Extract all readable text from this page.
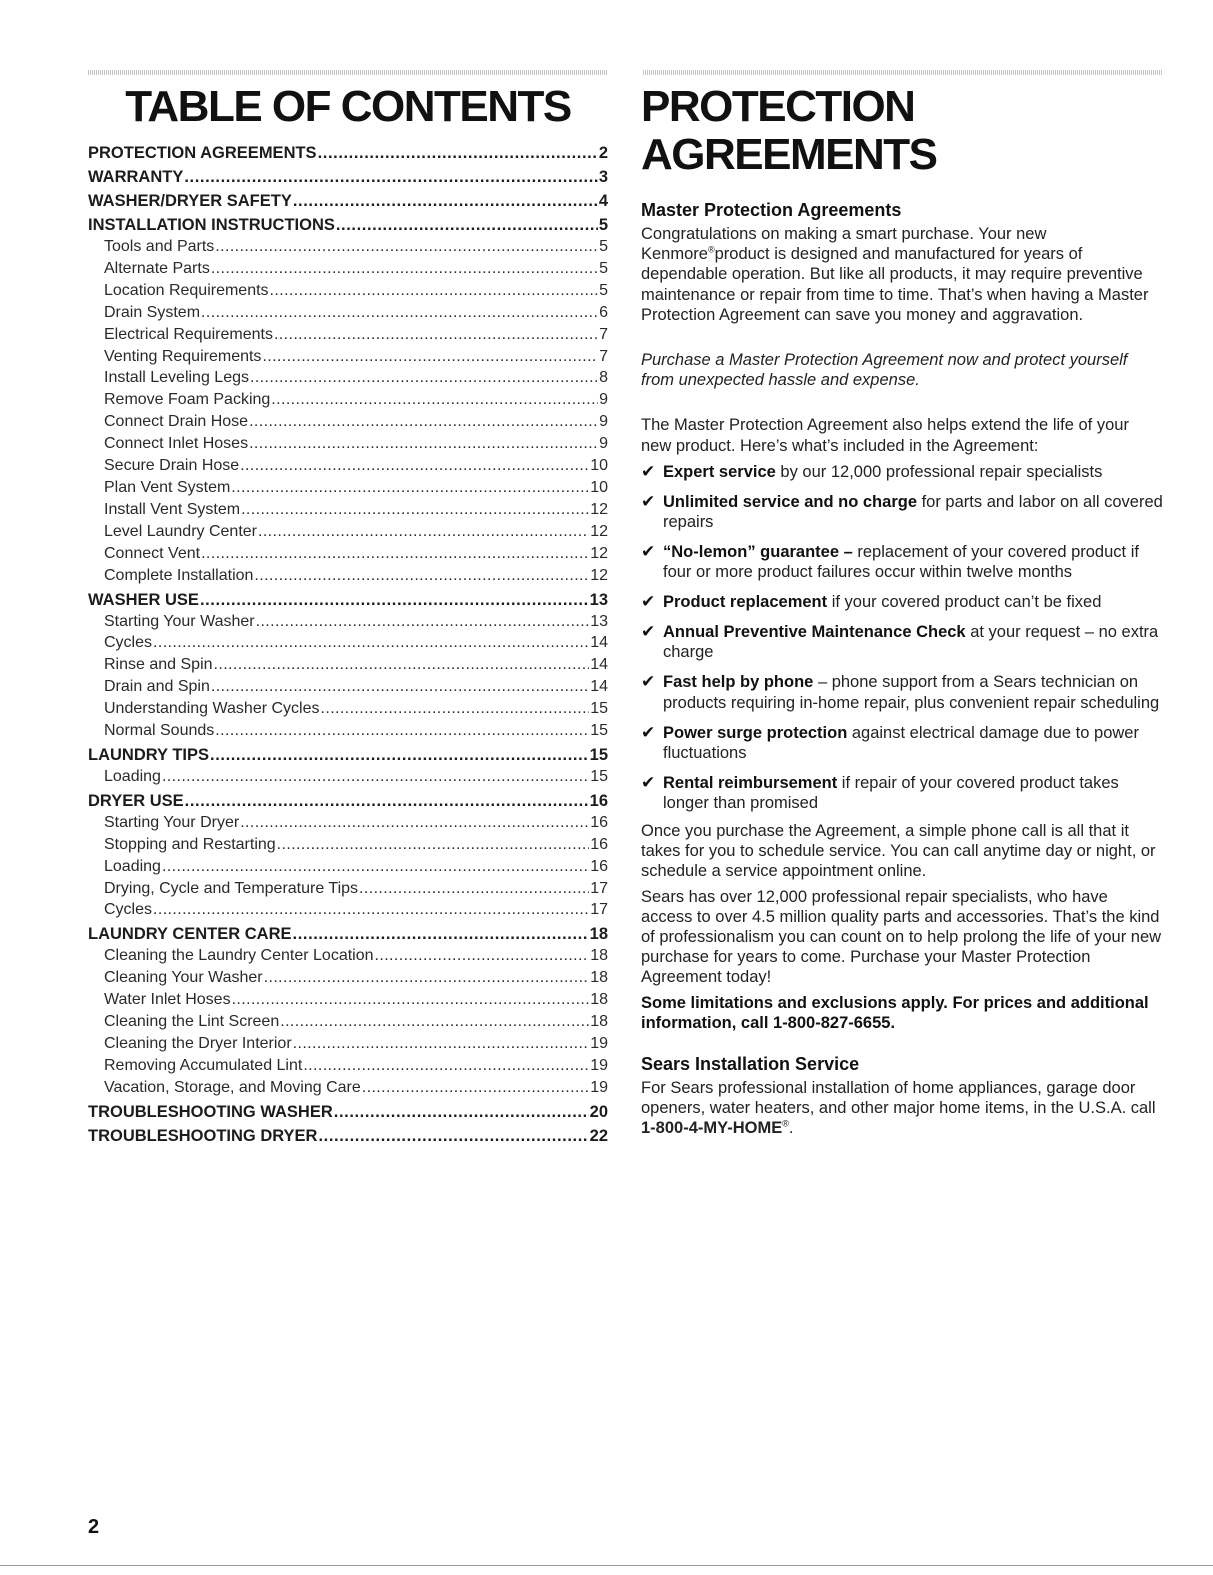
TABLE OF CONTENTS
PROTECTION AGREEMENTS .....	2
WARRANTY .....	3
WASHER/DRYER SAFETY .....	4
INSTALLATION INSTRUCTIONS .....	5
Tools and Parts .....	5
Alternate Parts .....	5
Location Requirements .....	5
Drain System .....	6
Electrical Requirements .....	7
Venting Requirements .....	7
Install Leveling Legs .....	8
Remove Foam Packing .....	9
Connect Drain Hose .....	9
Connect Inlet Hoses .....	9
Secure Drain Hose .....	10
Plan Vent System .....	10
Install Vent System .....	12
Level Laundry Center .....	12
Connect Vent .....	12
Complete Installation .....	12
WASHER USE .....	13
Starting Your Washer .....	13
Cycles .....	14
Rinse and Spin .....	14
Drain and Spin .....	14
Understanding Washer Cycles .....	15
Normal Sounds .....	15
LAUNDRY TIPS .....	15
Loading .....	15
DRYER USE .....	16
Starting Your Dryer .....	16
Stopping and Restarting .....	16
Loading .....	16
Drying, Cycle and Temperature Tips .....	17
Cycles .....	17
LAUNDRY CENTER CARE .....	18
Cleaning the Laundry Center Location .....	18
Cleaning Your Washer .....	18
Water Inlet Hoses .....	18
Cleaning the Lint Screen .....	18
Cleaning the Dryer Interior .....	19
Removing Accumulated Lint .....	19
Vacation, Storage, and Moving Care .....	19
TROUBLESHOOTING WASHER .....	20
TROUBLESHOOTING DRYER .....	22
PROTECTION AGREEMENTS
Master Protection Agreements

Congratulations on making a smart purchase. Your new Kenmore®product is designed and manufactured for years of dependable operation. But like all products, it may require preventive maintenance or repair from time to time. That’s when having a Master Protection Agreement can save you money and aggravation.

Purchase a Master Protection Agreement now and protect yourself from unexpected hassle and expense.

The Master Protection Agreement also helps extend the life of your new product. Here’s what’s included in the Agreement:

✔ Expert service by our 12,000 professional repair specialists
✔ Unlimited service and no charge for parts and labor on all covered repairs
✔ “No-lemon” guarantee – replacement of your covered product if four or more product failures occur within twelve months
✔ Product replacement if your covered product can’t be fixed
✔ Annual Preventive Maintenance Check at your request – no extra charge
✔ Fast help by phone – phone support from a Sears technician on products requiring in-home repair, plus convenient repair scheduling
✔ Power surge protection against electrical damage due to power fluctuations
✔ Rental reimbursement if repair of your covered product takes longer than promised

Once you purchase the Agreement, a simple phone call is all that it takes for you to schedule service. You can call anytime day or night, or schedule a service appointment online.

Sears has over 12,000 professional repair specialists, who have access to over 4.5 million quality parts and accessories. That’s the kind of professionalism you can count on to help prolong the life of your new purchase for years to come. Purchase your Master Protection Agreement today!

Some limitations and exclusions apply. For prices and additional information, call 1-800-827-6655.

Sears Installation Service

For Sears professional installation of home appliances, garage door openers, water heaters, and other major home items, in the U.S.A. call 1-800-4-MY-HOME®.

2
